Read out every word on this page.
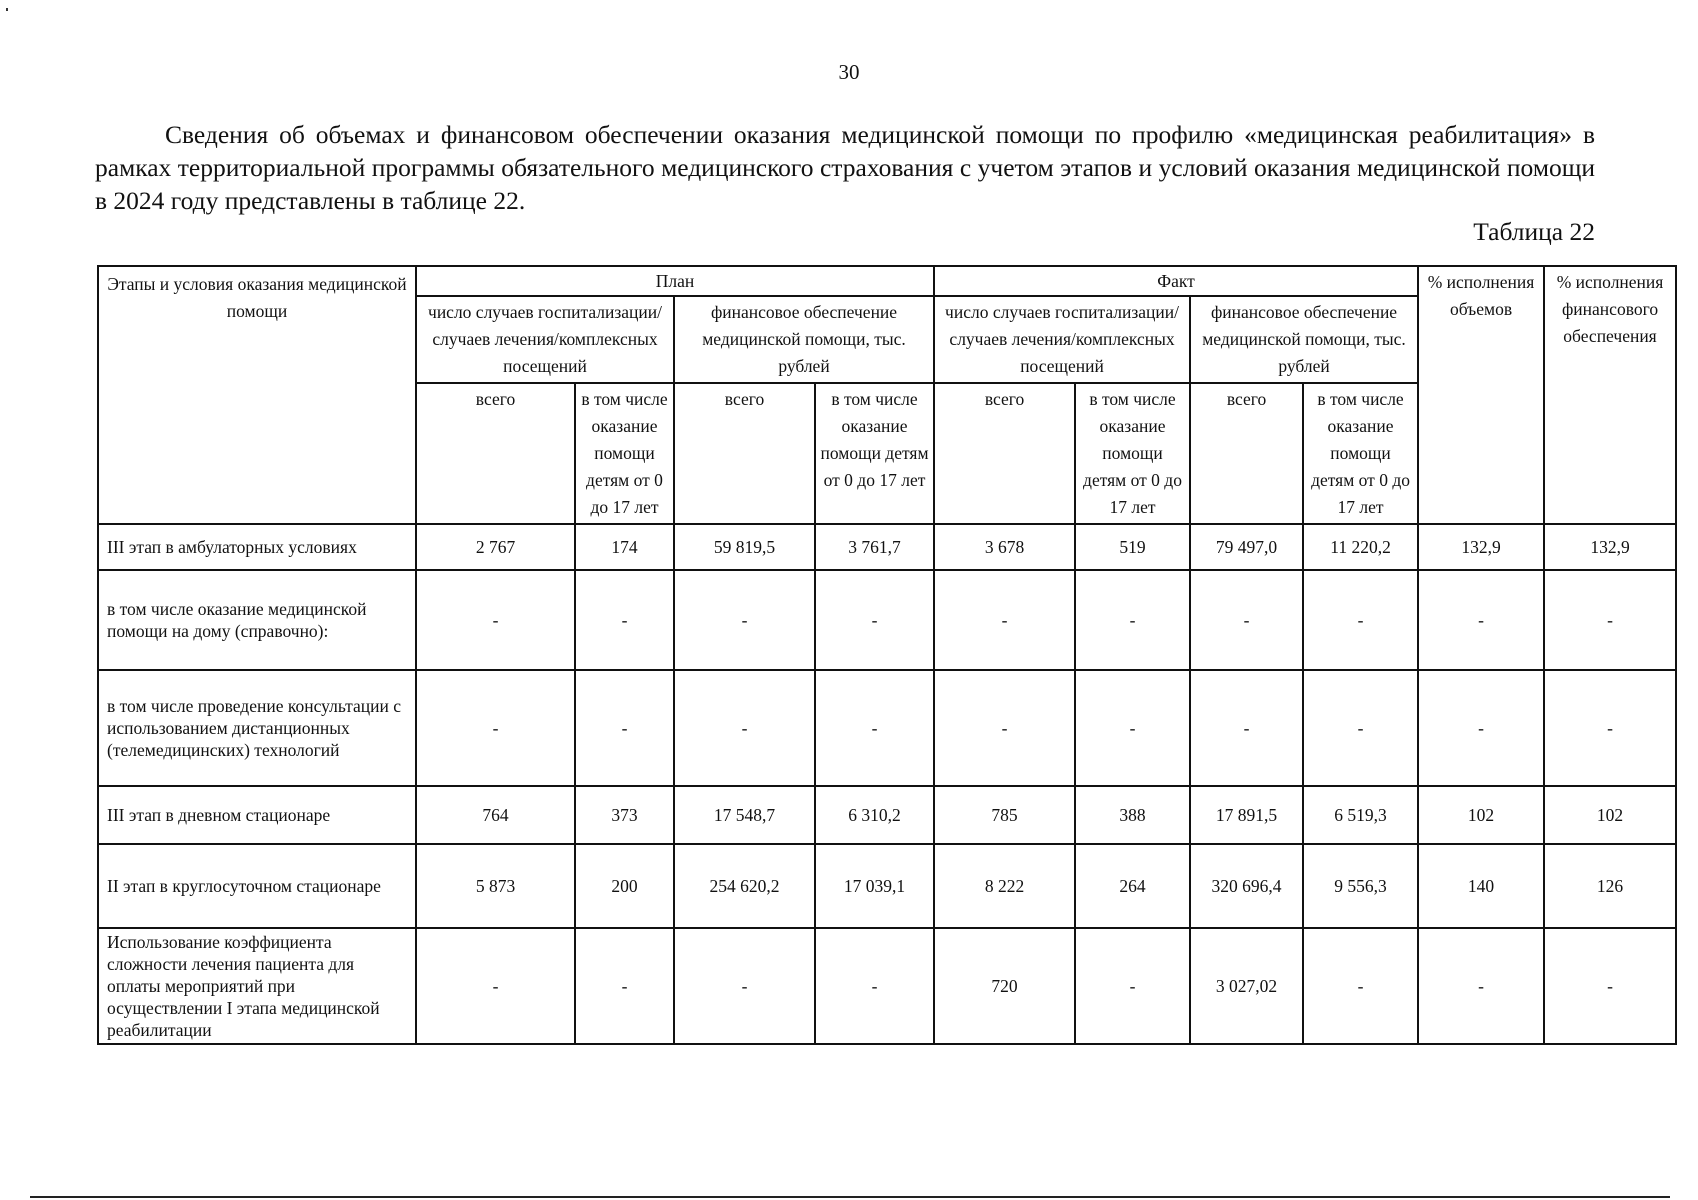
30
Сведения об объемах и финансовом обеспечении оказания медицинской помощи по профилю «медицинская реабилитация» в рамках территориальной программы обязательного медицинского страхования с учетом этапов и условий оказания медицинской помощи в 2024 году представлены в таблице 22.
Таблица 22
Этапы и условия оказания медицинской помощи	План				Факт				% исполнения объемов	% исполнения финансового обеспечения
	число случаев госпитализации/случаев лечения/комплексных посещений		финансовое обеспечение медицинской помощи, тыс. рублей		число случаев госпитализации/случаев лечения/комплексных посещений		финансовое обеспечение медицинской помощи, тыс. рублей			
	всего	в том числе оказание помощи детям от 0 до 17 лет	всего	в том числе оказание помощи детям от 0 до 17 лет	всего	в том числе оказание помощи детям от 0 до 17 лет	всего	в том числе оказание помощи детям от 0 до 17 лет		
III этап в амбулаторных условиях	2 767	174	59 819,5	3 761,7	3 678	519	79 497,0	11 220,2	132,9	132,9
в том числе оказание медицинской помощи на дому (справочно):	-	-	-	-	-	-	-	-	-	-
в том числе проведение консультации с использованием дистанционных (телемедицинских) технологий	-	-	-	-	-	-	-	-	-	-
III этап в дневном стационаре	764	373	17 548,7	6 310,2	785	388	17 891,5	6 519,3	102	102
II этап в круглосуточном стационаре	5 873	200	254 620,2	17 039,1	8 222	264	320 696,4	9 556,3	140	126
Использование коэффициента сложности лечения пациента для оплаты мероприятий при осуществлении I этапа медицинской реабилитации	-	-	-	-	720	-	3 027,02	-	-	-
